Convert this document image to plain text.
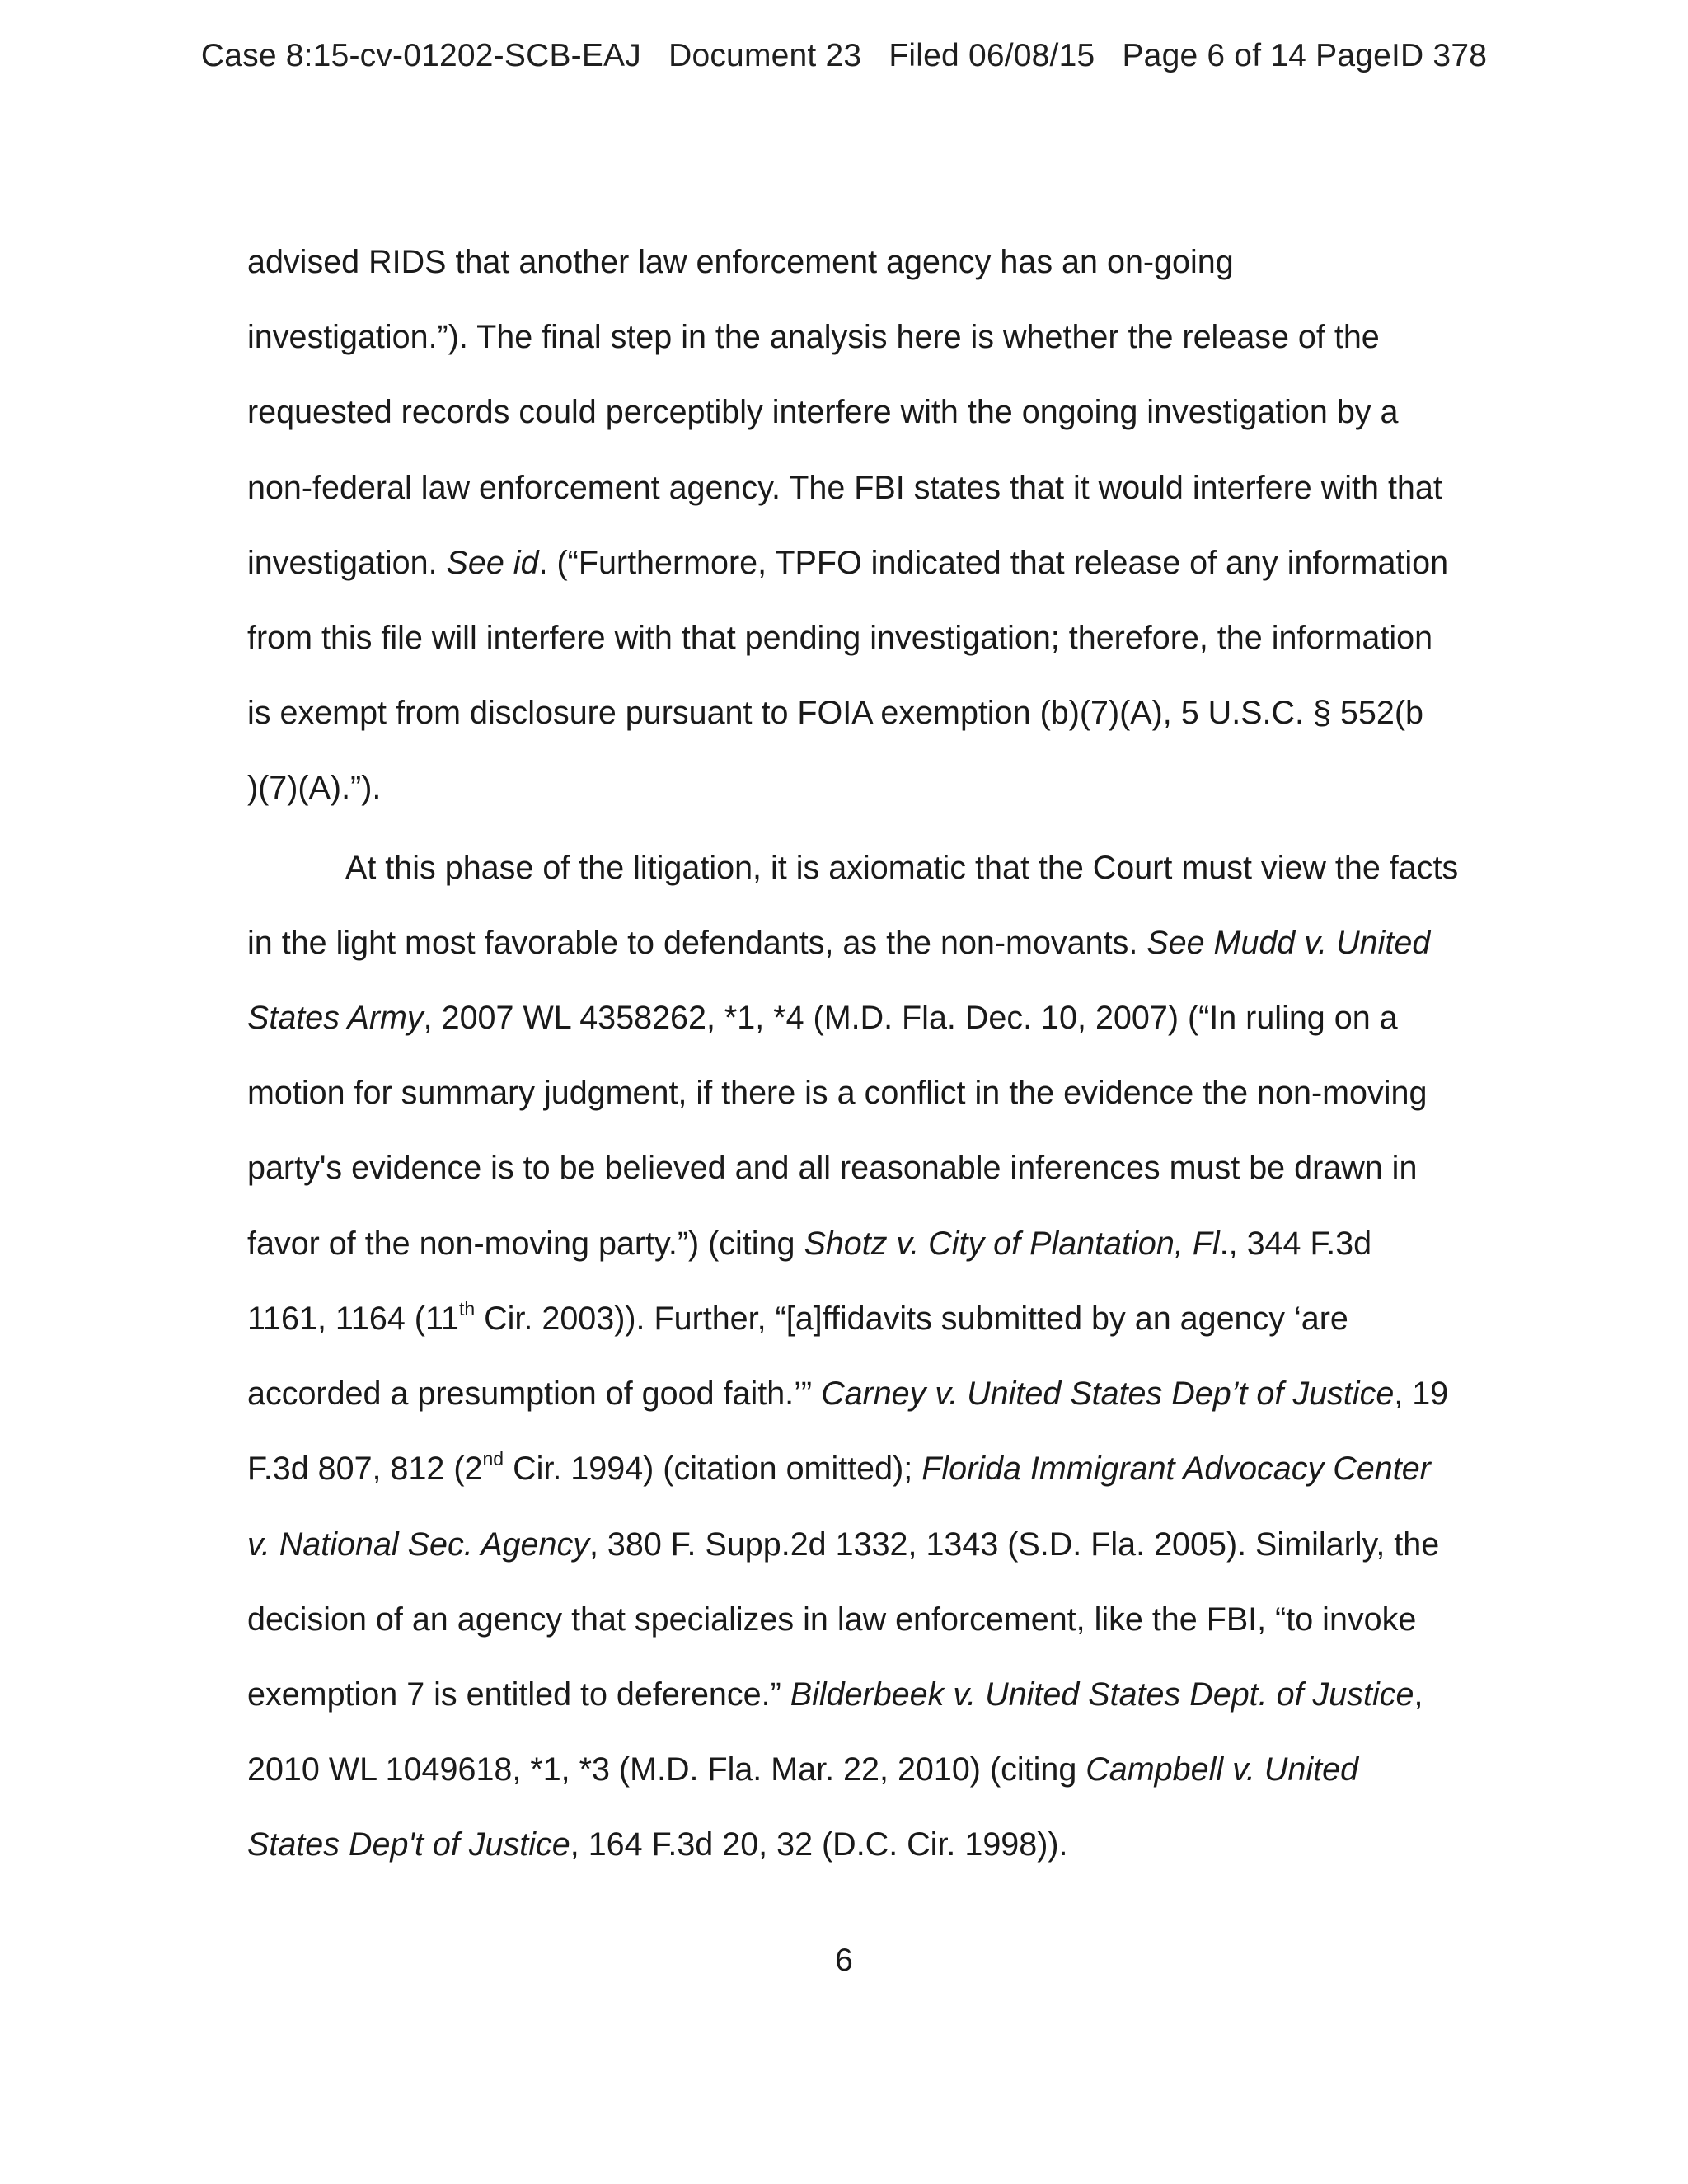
Case 8:15-cv-01202-SCB-EAJ Document 23 Filed 06/08/15 Page 6 of 14 PageID 378
advised RIDS that another law enforcement agency has an on-going
investigation.”). The final step in the analysis here is whether the release of the
requested records could perceptibly interfere with the ongoing investigation by a
non-federal law enforcement agency. The FBI states that it would interfere with that
investigation. See id. (“Furthermore, TPFO indicated that release of any information
from this file will interfere with that pending investigation; therefore, the information
is exempt from disclosure pursuant to FOIA exemption (b)(7)(A), 5 U.S.C. § 552(b
)(7)(A).”).
At this phase of the litigation, it is axiomatic that the Court must view the facts
in the light most favorable to defendants, as the non-movants. See Mudd v. United
States Army, 2007 WL 4358262, *1, *4 (M.D. Fla. Dec. 10, 2007) (“In ruling on a
motion for summary judgment, if there is a conflict in the evidence the non-moving
party's evidence is to be believed and all reasonable inferences must be drawn in
favor of the non-moving party.”) (citing Shotz v. City of Plantation, Fl., 344 F.3d
1161, 1164 (11th Cir. 2003)). Further, “[a]ffidavits submitted by an agency ‘are
accorded a presumption of good faith.’” Carney v. United States Dep’t of Justice, 19
F.3d 807, 812 (2nd Cir. 1994) (citation omitted); Florida Immigrant Advocacy Center
v. National Sec. Agency, 380 F. Supp.2d 1332, 1343 (S.D. Fla. 2005). Similarly, the
decision of an agency that specializes in law enforcement, like the FBI, “to invoke
exemption 7 is entitled to deference.” Bilderbeek v. United States Dept. of Justice,
2010 WL 1049618, *1, *3 (M.D. Fla. Mar. 22, 2010) (citing Campbell v. United
States Dep't of Justice, 164 F.3d 20, 32 (D.C. Cir. 1998)).
6
